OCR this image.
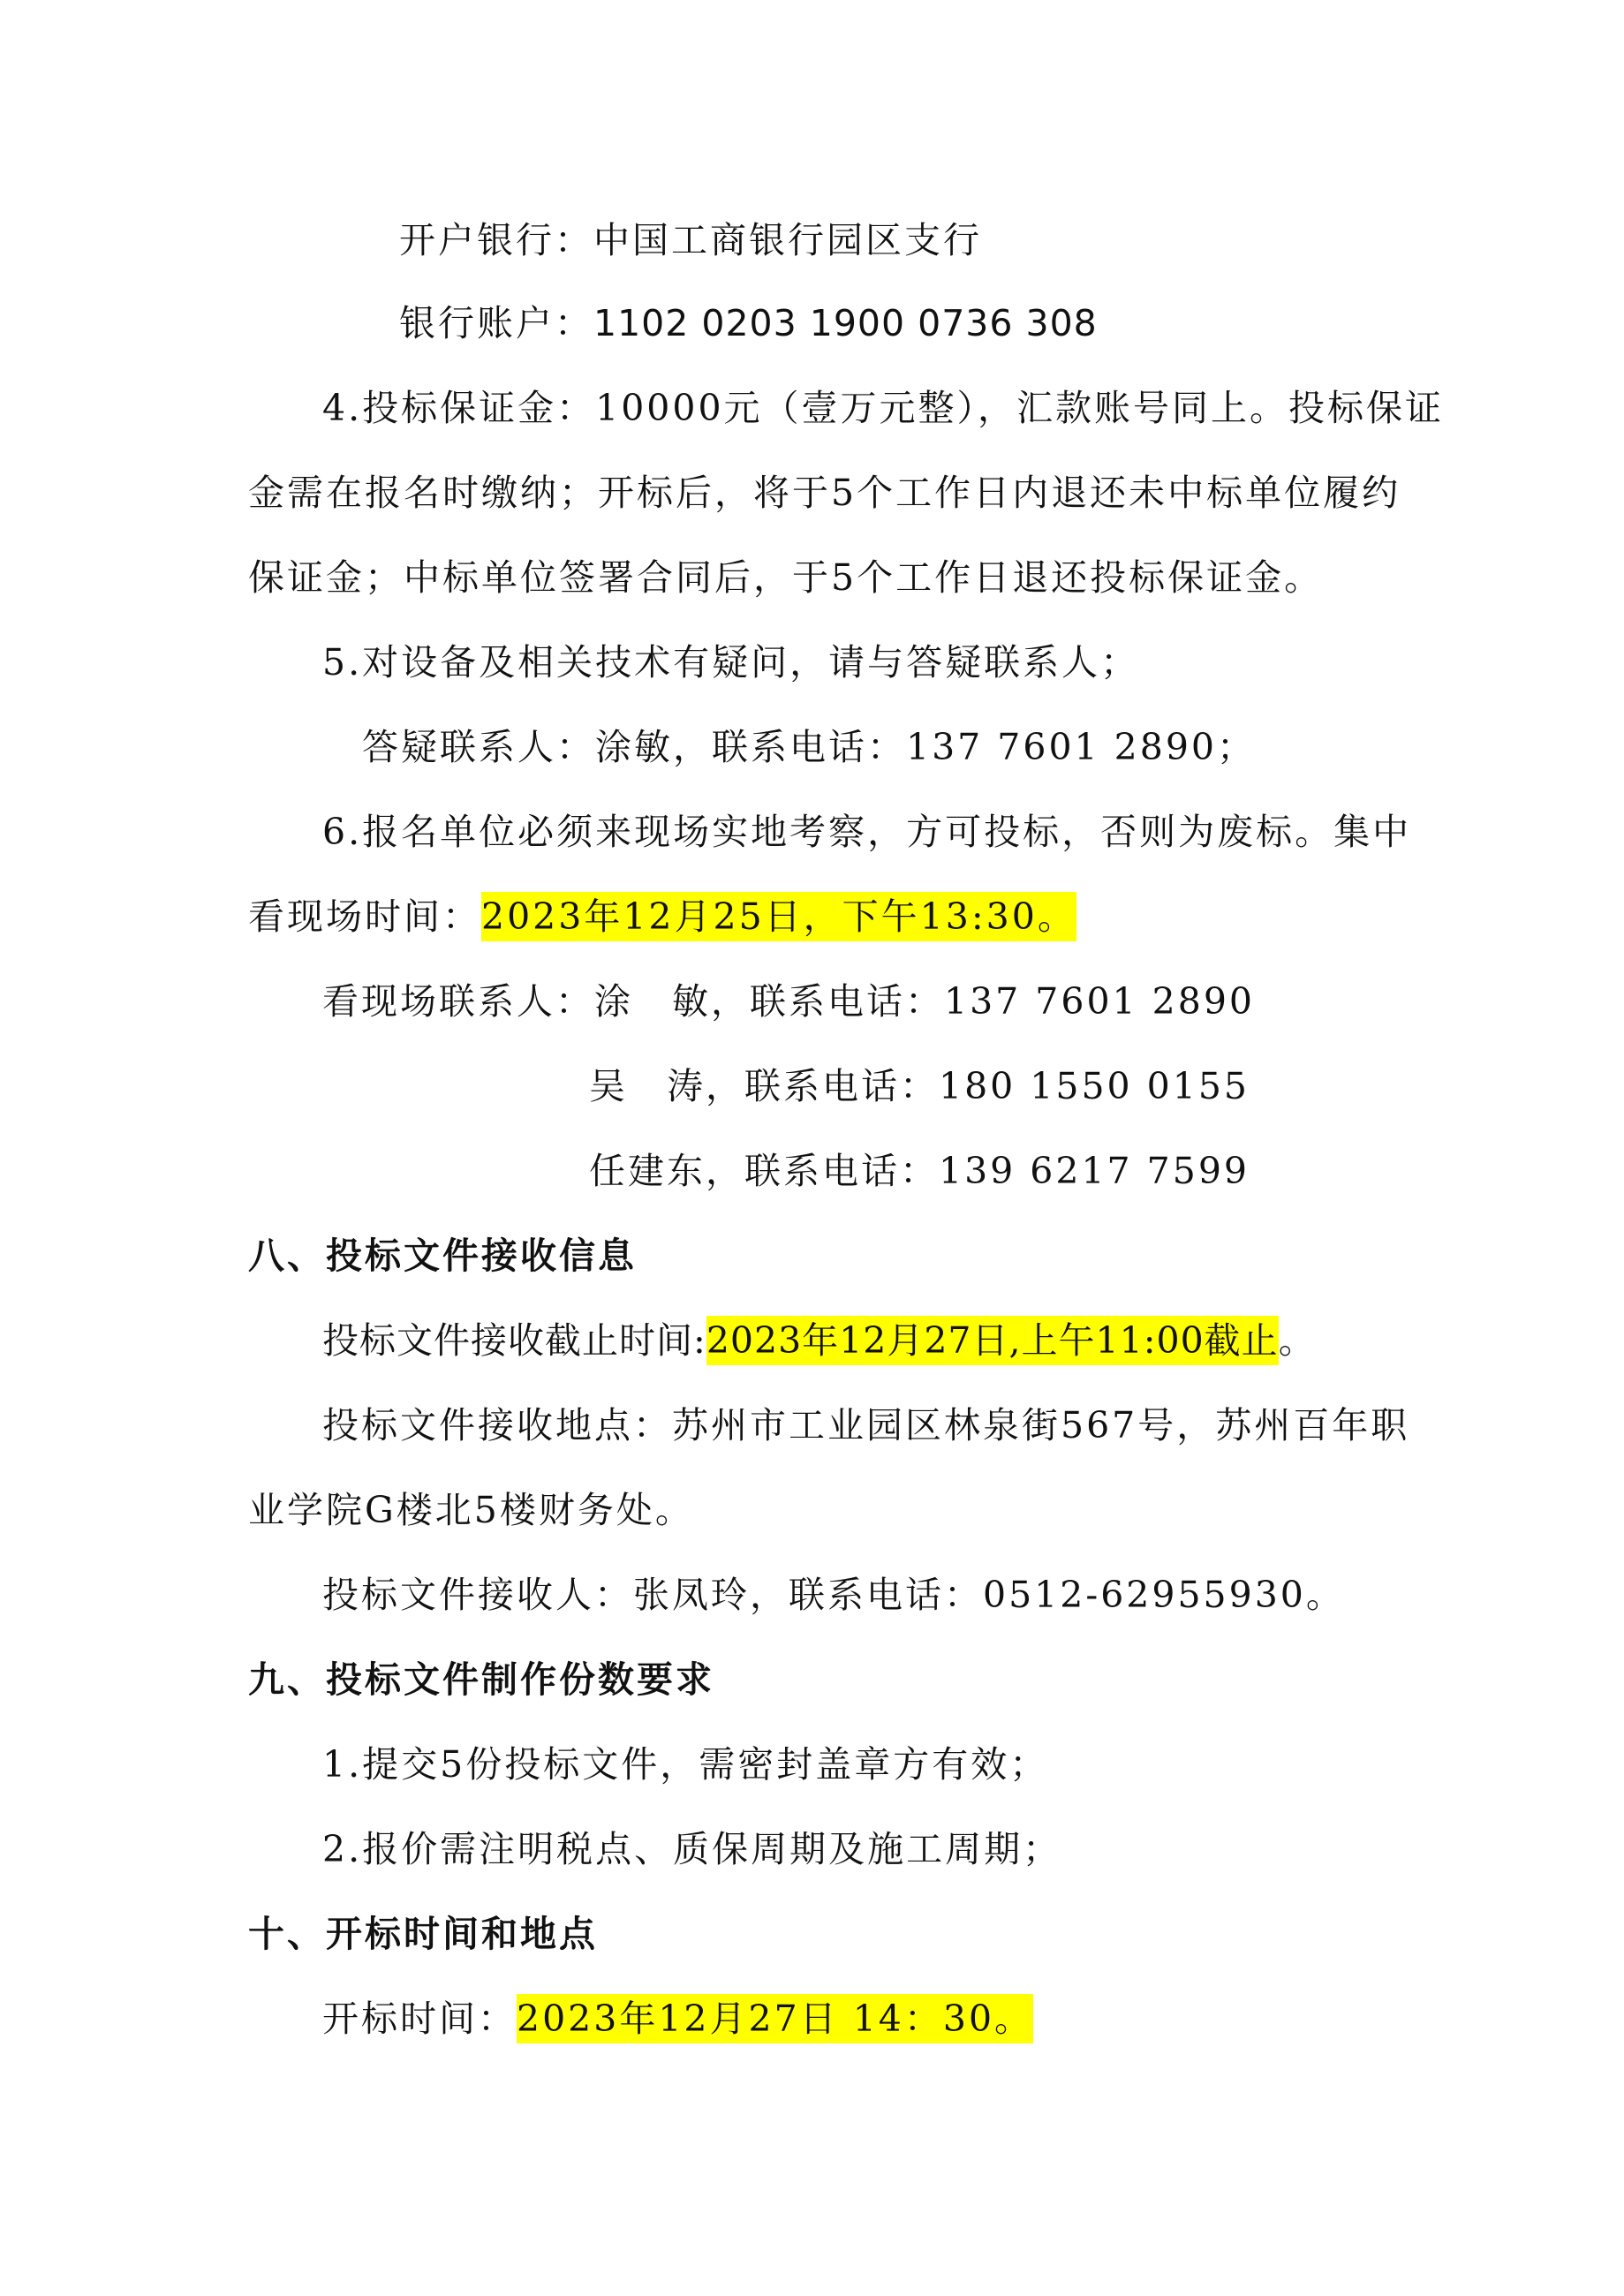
开户银行：中国工商银行园区支行
银行账户：1102 0203 1900 0736 308
4.投标保证金：10000元（壹万元整），汇款账号同上。投标保证
金需在报名时缴纳；开标后，将于5个工作日内退还未中标单位履约
保证金；中标单位签署合同后，于5个工作日退还投标保证金。
5.对设备及相关技术有疑问，请与答疑联系人；
答疑联系人：涂敏，联系电话：137 7601 2890；
6.报名单位必须来现场实地考察，方可投标，否则为废标。集中
看现场时间：2023年12月25日，下午13:30。
看现场联系人：涂　敏，联系电话：137 7601 2890
吴　涛，联系电话：180 1550 0155
任建东，联系电话：139 6217 7599
八、投标文件接收信息
投标文件接收截止时间:2023年12月27日,上午11:00截止。
投标文件接收地点：苏州市工业园区林泉街567号，苏州百年职
业学院G楼北5楼财务处。
投标文件接收人：张凤玲，联系电话：0512-62955930。
九、投标文件制作份数要求
1.提交5份投标文件，需密封盖章方有效；
2.报价需注明税点、质保周期及施工周期；
十、开标时间和地点
开标时间：2023年12月27日 14：30。
